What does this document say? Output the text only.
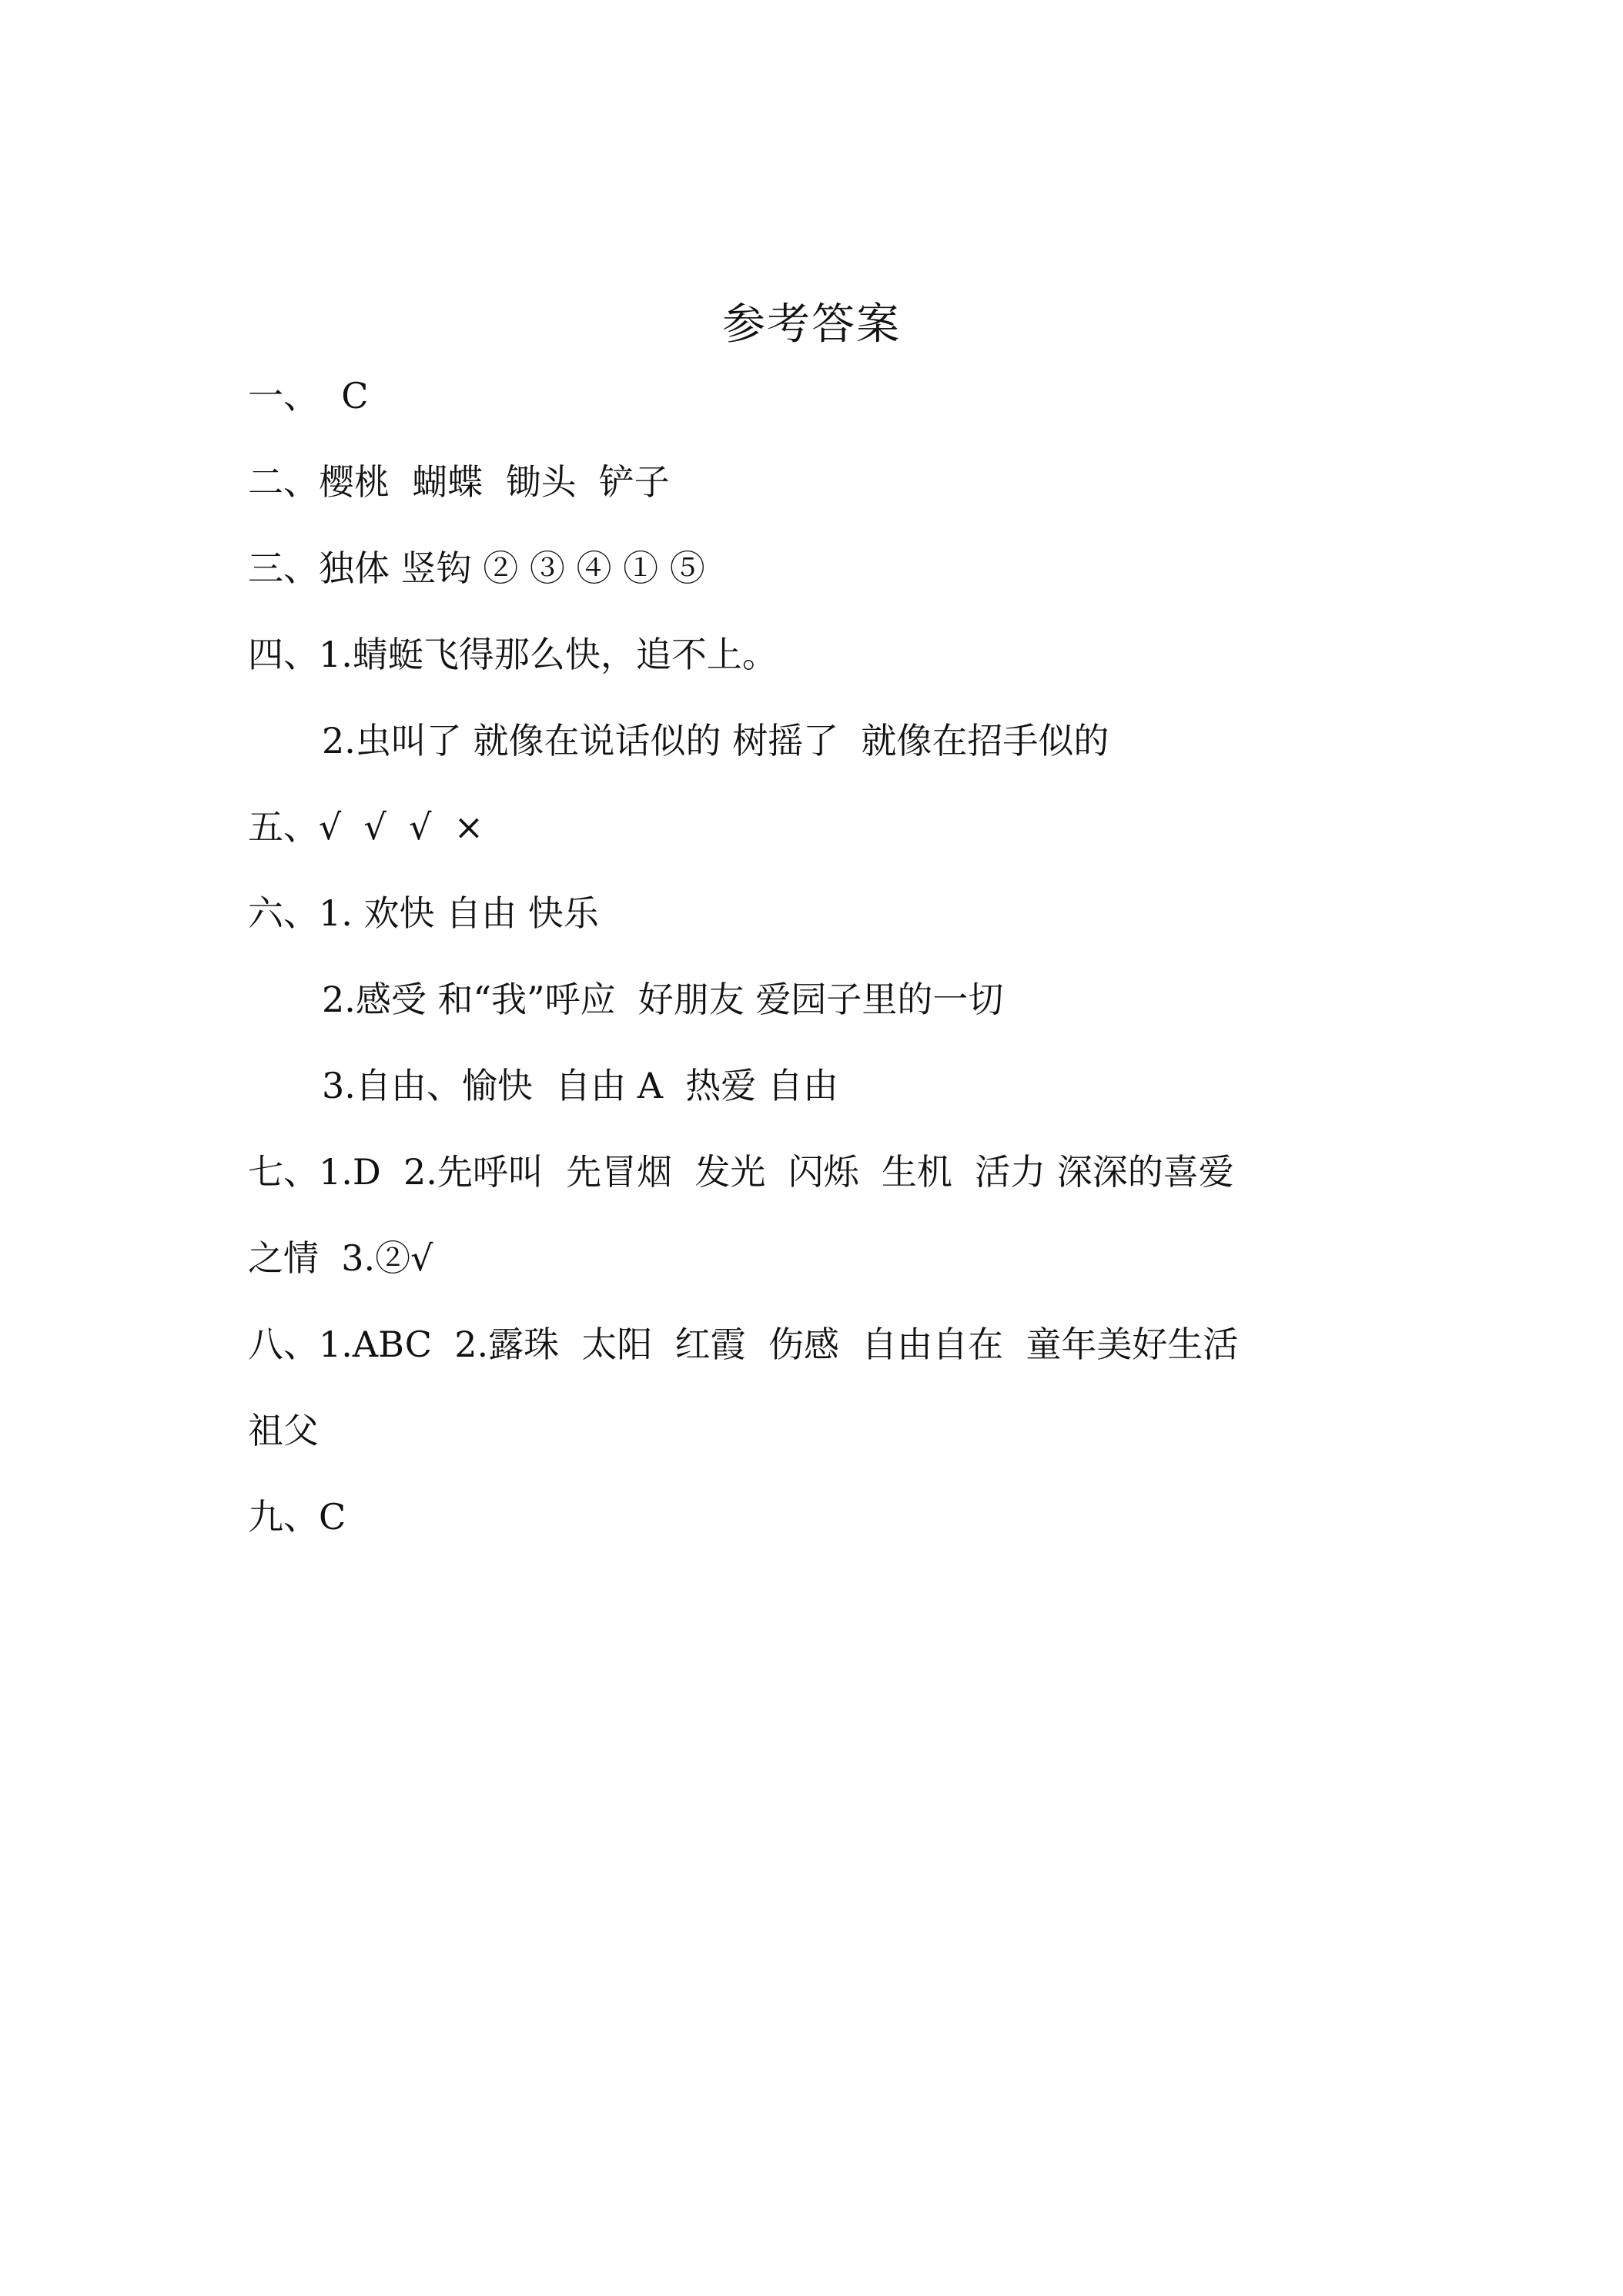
参考答案
一、  C
二、樱桃  蝴蝶  锄头  铲子
三、独体 竖钩 ② ③ ④ ① ⑤
四、1.蜻蜓飞得那么快，追不上。
2.虫叫了 就像在说话似的 树摇了  就像在招手似的
五、√  √  √  ×
六、1. 欢快 自由 快乐
2.感受 和“我”呼应  好朋友 爱园子里的一切
3.自由、愉快  自由 A  热爱 自由
七、1.D  2.先呼叫  先冒烟  发光  闪烁  生机  活力 深深的喜爱
之情  3.②√
八、1.ABC  2.露珠  太阳  红霞  伤感  自由自在  童年美好生活
祖父
九、C
